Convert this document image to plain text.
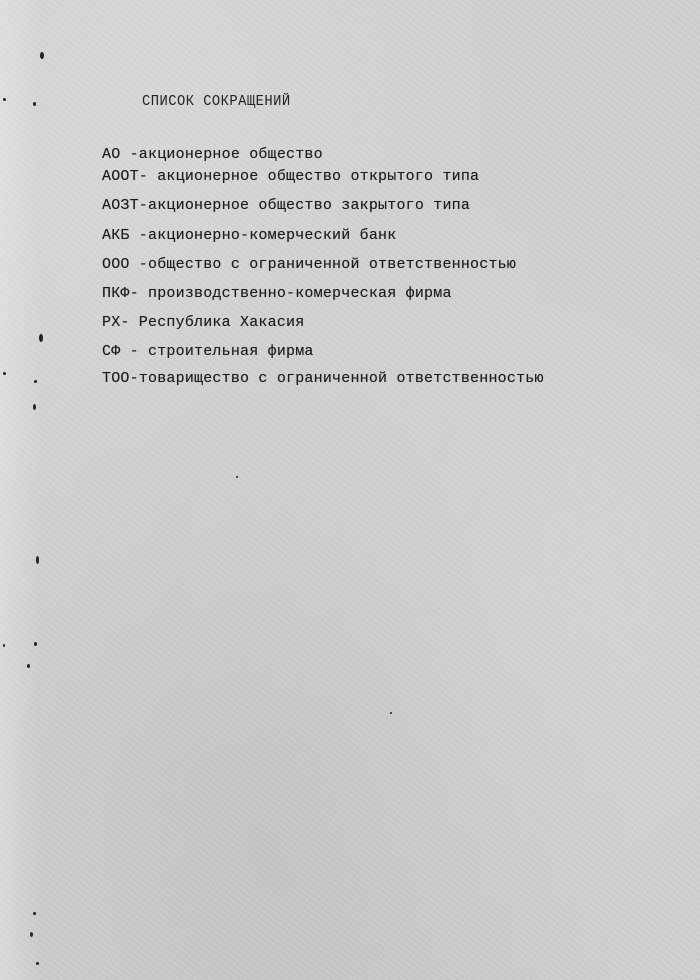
СПИСОК СОКРАЩЕНИЙ
АО -акционерное общество
АООТ- акционерное общество открытого типа
АОЗТ-акционерное общество закрытого типа
АКБ -акционерно-комерческий банк
ООО -общество с ограниченной ответственностью
ПКФ- производственно-комерческая фирма
РХ- Республика Хакасия
СФ - строительная фирма
ТОО-товарищество с ограниченной ответственностью
